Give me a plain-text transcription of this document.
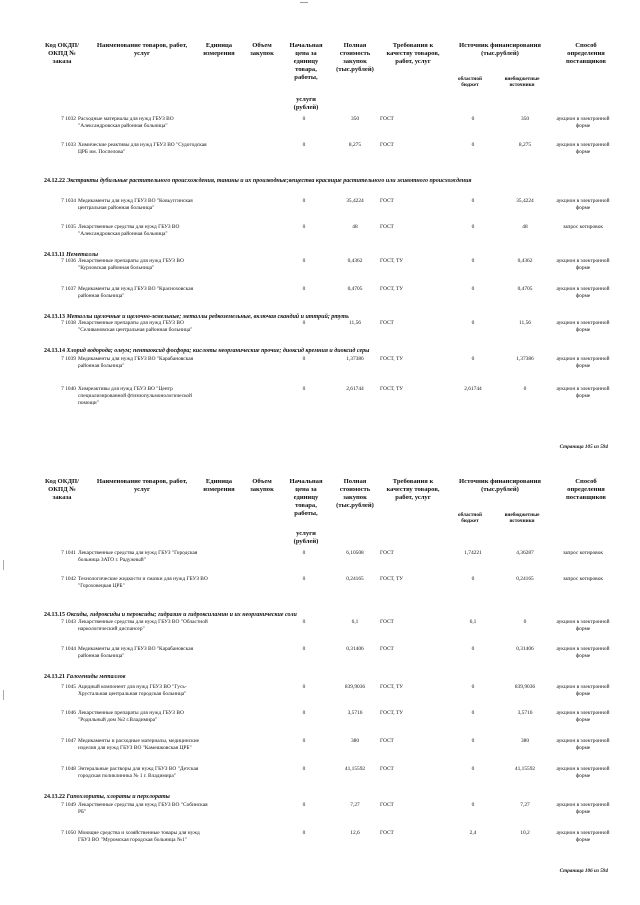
Код ОКДП/ ОКПД № заказа
Наименование товаров, работ, услуг
Единица измерения
Объем закупок
Начальная цена за единицу товара, работы,
услуги (рублей)
Полная стоимость закупок (тыс.рублей)
Требования к качеству товаров, работ, услуг
Источник финансирования (тыс.рублей)
областной бюджет
внебюджетные источники
Способ определения поставщиков
7 1032 Расходные материалы для нужд ГБУЗ ВО "Александровская районная больница"
0	350	ГОСТ	0	350	аукцион в электронной форме
7 1033 Химические реактивы для нужд ГБУЗ ВО "Судогодская ЦРБ им. Поспелова"
0	8,275	ГОСТ	0	8,275	аукцион в электронной форме
24.12.22 Экстракты дубильные растительного происхождения, танины и их производные;вещества красящие растительного или животного происхождения
7 1034 Медикаменты для нужд ГБУЗ ВО "Ковьуггинская центральная районная больница"
0	35,4224	ГОСТ	0	35,4224	аукцион в электронной форме
7 1035 Лекарственные средства для нужд ГБУЗ ВО "Александровская районная больница"
0	48	ГОСТ	0	48	запрос котировок
24.13.11 Неметаллы
7 1036 Лекарственные препараты для нужд ГБУЗ ВО "Курловская районная больница"
0	0,4362	ГОСТ, ТУ	0	0,4362	аукцион в электронной форме
7 1037 Медикаменты для нужд ГБУЗ ВО "Красноховская районная больница"
0	0,4705	ГОСТ, ТУ	0	0,4705	аукцион в электронной форме
24.13.13 Металлы щелочные и щелочно-земельные; металлы редкоземельные, включая скандий и иттрий; ртуть
7 1038 Лекарственные препараты для нужд ГБУЗ ВО "Селивановская центральная районная больница"
0	11,56	ГОСТ	0	11,56	аукцион в электронной форме
24.13.14 Хлорид водорода; олеум; пентаоксид фосфора; кислоты неорганические прочие; диоксид кремния и диоксид серы
7 1039 Медикаменты для нужд ГБУЗ ВО "Карабановская районная больница"
0	1,37386	ГОСТ, ТУ	0	1,37386	аукцион в электронной форме
7 1040 Химреактивы для нужд ГБУЗ ВО "Центр специализированной фтизиопульмонологической помощи"
0	2,61744	ГОСТ, ТУ	2,61744	0	аукцион в электронной форме
Страница 105 из 594
Код ОКДП/ ОКПД № заказа
Наименование товаров, работ, услуг
Единица измерения
Объем закупок
Начальная цена за единицу товара, работы,
услуги (рублей)
Полная стоимость закупок (тыс.рублей)
Требования к качеству товаров, работ, услуг
Источник финансирования (тыс.рублей)
областной бюджет
внебюджетные источники
Способ определения поставщиков
7 1041 Лекарственные средства для нужд ГБУЗ "Городская больница ЗАТО г. Радужный"
0	6,10508	ГОСТ	1,74221	4,36287	запрос котировок
7 1042 Технологические жидкости и смазки для нужд ГБУЗ ВО "Гороховецкая ЦРБ"
0	0,24165	ГОСТ, ТУ	0	0,24165	запрос котировок
24.13.15 Оксиды, гидроксиды и пероксиды; гидразин и гидроксиламин и их неорганические соли
7 1043 Лекарственные средства для нужд ГБУЗ ВО "Областной наркологический диспансер"
0	6,1	ГОСТ	6,1	0	аукцион в электронной форме
7 1044 Медикаменты для нужд ГБУЗ ВО "Карабановская районная больница"
0	0,31406	ГОСТ	0	0,31406	аукцион в электронной форме
24.13.21 Галогениды металлов
7 1045 Ацидный компонент для нужд ГБУЗ ВО "Гусь-Хрустальная центральная городская больница"
0	839,9036	ГОСТ, ТУ	0	839,9036	аукцион в электронной форме
7 1046 Лекарственные препараты для нужд ГБУЗ ВО "Родильный дом №2 г.Владимира"
0	3,5716	ГОСТ, ТУ	0	3,5716	аукцион в электронной форме
7 1047 Медикаменты и расходные материалы, медицинские изделия для нужд ГБУЗ ВО "Камешковская ЦРБ"
0	380	ГОСТ	0	380	аукцион в электронной форме
7 1048 Энтеральные растворы для нужд ГБУЗ ВО "Детская городская поликлиника № 1 г. Владимира"
0	41,15592	ГОСТ	0	41,15592	аукцион в электронной форме
24.13.22 Гипохлориты, хлораты и перхлораты
7 1049 Лекарственные средства для нужд ГБУЗ ВО "Собинская РБ"
0	7,27	ГОСТ	0	7,27	аукцион в электронной форме
7 1050 Моющие средства и хозяйственные товары для нужд ГБУЗ ВО "Муромская городская больница №1"
0	12,6	ГОСТ	2,4	10,2	аукцион в электронной форме
Страница 106 из 594
